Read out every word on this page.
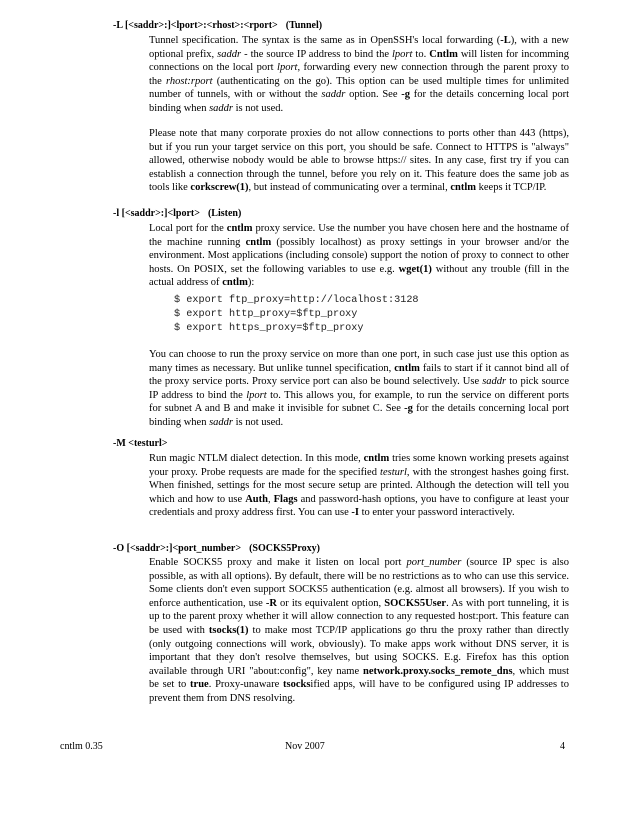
-L [<saddr>:]<lport>:<rhost>:<rport> (Tunnel)
Tunnel specification. The syntax is the same as in OpenSSH's local forwarding (-L), with a new optional prefix, saddr - the source IP address to bind the lport to. Cntlm will listen for incomming connections on the local port lport, forwarding every new connection through the parent proxy to the rhost:rport (authenticating on the go). This option can be used multiple times for unlimited number of tunnels, with or without the saddr option. See -g for the details concerning local port binding when saddr is not used.
Please note that many corporate proxies do not allow connections to ports other than 443 (https), but if you run your target service on this port, you should be safe. Connect to HTTPS is "always" allowed, otherwise nobody would be able to browse https:// sites. In any case, first try if you can establish a connection through the tunnel, before you rely on it. This feature does the same job as tools like corkscrew(1), but instead of communicating over a terminal, cntlm keeps it TCP/IP.
-l [<saddr>:]<lport> (Listen)
Local port for the cntlm proxy service. Use the number you have chosen here and the hostname of the machine running cntlm (possibly localhost) as proxy settings in your browser and/or the environment. Most applications (including console) support the notion of proxy to connect to other hosts. On POSIX, set the following variables to use e.g. wget(1) without any trouble (fill in the actual address of cntlm):
$ export ftp_proxy=http://localhost:3128
$ export http_proxy=$ftp_proxy
$ export https_proxy=$ftp_proxy
You can choose to run the proxy service on more than one port, in such case just use this option as many times as necessary. But unlike tunnel specification, cntlm fails to start if it cannot bind all of the proxy service ports. Proxy service port can also be bound selectively. Use saddr to pick source IP address to bind the lport to. This allows you, for example, to run the service on different ports for subnet A and B and make it invisible for subnet C. See -g for the details concerning local port binding when saddr is not used.
-M <testurl>
Run magic NTLM dialect detection. In this mode, cntlm tries some known working presets against your proxy. Probe requests are made for the specified testurl, with the strongest hashes going first. When finished, settings for the most secure setup are printed. Although the detection will tell you which and how to use Auth, Flags and password-hash options, you have to configure at least your credentials and proxy address first. You can use -I to enter your password interactively.
-O [<saddr>:]<port_number> (SOCKS5Proxy)
Enable SOCKS5 proxy and make it listen on local port port_number (source IP spec is also possible, as with all options). By default, there will be no restrictions as to who can use this service. Some clients don't even support SOCKS5 authentication (e.g. almost all browsers). If you wish to enforce authentication, use -R or its equivalent option, SOCKS5User. As with port tunneling, it is up to the parent proxy whether it will allow connection to any requested host:port. This feature can be used with tsocks(1) to make most TCP/IP applications go thru the proxy rather than directly (only outgoing connections will work, obviously). To make apps work without DNS server, it is important that they don't resolve themselves, but using SOCKS. E.g. Firefox has this option available through URI "about:config", key name network.proxy.socks_remote_dns, which must be set to true. Proxy-unaware tsocksified apps, will have to be configured using IP addresses to prevent them from DNS resolving.
cntlm 0.35	Nov 2007	4
